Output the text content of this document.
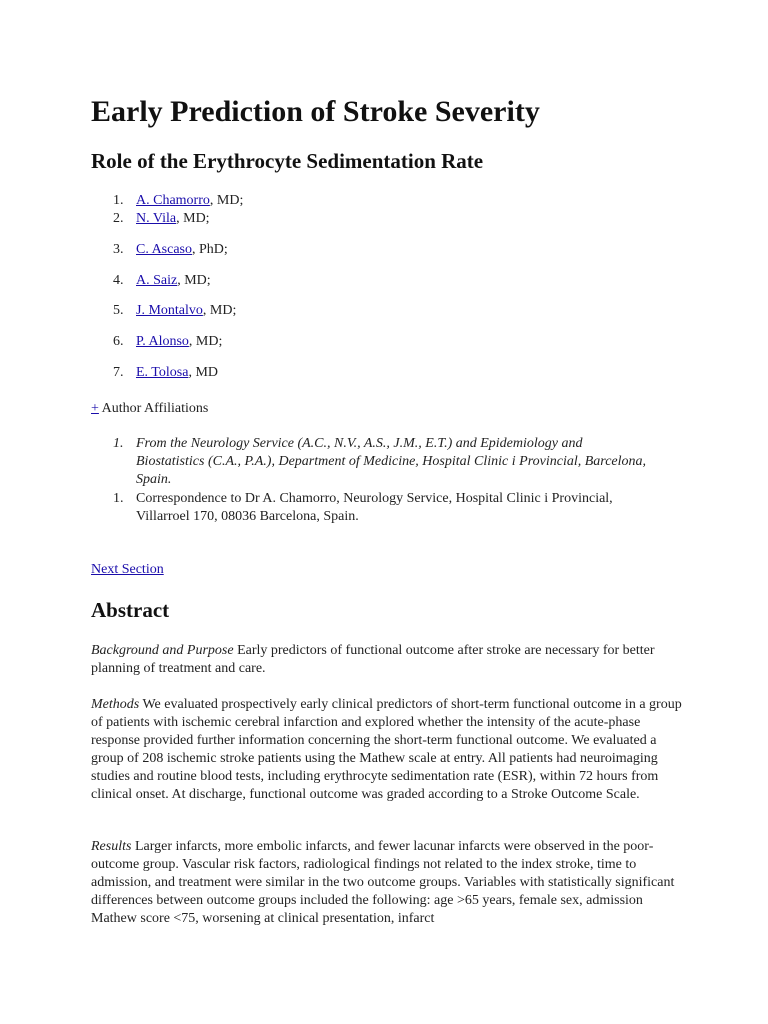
Early Prediction of Stroke Severity
Role of the Erythrocyte Sedimentation Rate
1. A. Chamorro, MD;
2. N. Vila, MD;
3. C. Ascaso, PhD;
4. A. Saiz, MD;
5. J. Montalvo, MD;
6. P. Alonso, MD;
7. E. Tolosa, MD
+ Author Affiliations
1. From the Neurology Service (A.C., N.V., A.S., J.M., E.T.) and Epidemiology and Biostatistics (C.A., P.A.), Department of Medicine, Hospital Clinic i Provincial, Barcelona, Spain.
1. Correspondence to Dr A. Chamorro, Neurology Service, Hospital Clinic i Provincial, Villarroel 170, 08036 Barcelona, Spain.
Next Section
Abstract

Background and Purpose Early predictors of functional outcome after stroke are necessary for better planning of treatment and care.

Methods We evaluated prospectively early clinical predictors of short-term functional outcome in a group of patients with ischemic cerebral infarction and explored whether the intensity of the acute-phase response provided further information concerning the short-term functional outcome. We evaluated a group of 208 ischemic stroke patients using the Mathew scale at entry. All patients had neuroimaging studies and routine blood tests, including erythrocyte sedimentation rate (ESR), within 72 hours from clinical onset. At discharge, functional outcome was graded according to a Stroke Outcome Scale.

Results Larger infarcts, more embolic infarcts, and fewer lacunar infarcts were observed in the poor-outcome group. Vascular risk factors, radiological findings not related to the index stroke, time to admission, and treatment were similar in the two outcome groups. Variables with statistically significant differences between outcome groups included the following: age >65 years, female sex, admission Mathew score <75, worsening at clinical presentation, infarct
